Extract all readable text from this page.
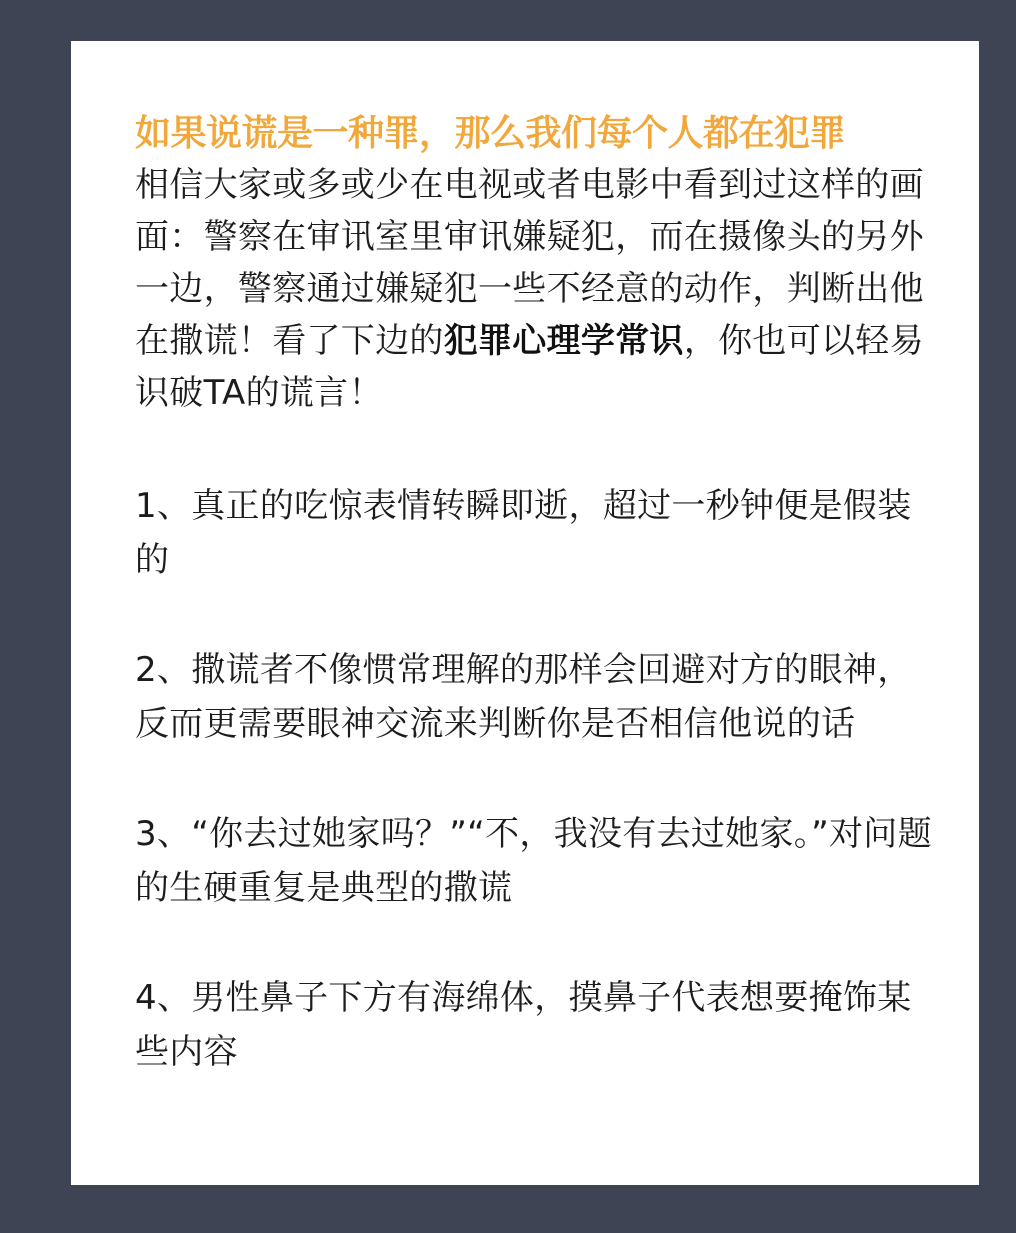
如果说谎是一种罪，那么我们每个人都在犯罪

相信大家或多或少在电视或者电影中看到过这样的画面：警察在审讯室里审讯嫌疑犯，而在摄像头的另外一边，警察通过嫌疑犯一些不经意的动作，判断出他在撒谎！看了下边的犯罪心理学常识，你也可以轻易识破TA的谎言！

1、真正的吃惊表情转瞬即逝，超过一秒钟便是假装的

2、撒谎者不像惯常理解的那样会回避对方的眼神，反而更需要眼神交流来判断你是否相信他说的话

3、“你去过她家吗？”“不，我没有去过她家。”对问题的生硬重复是典型的撒谎

4、男性鼻子下方有海绵体，摸鼻子代表想要掩饰某些内容
